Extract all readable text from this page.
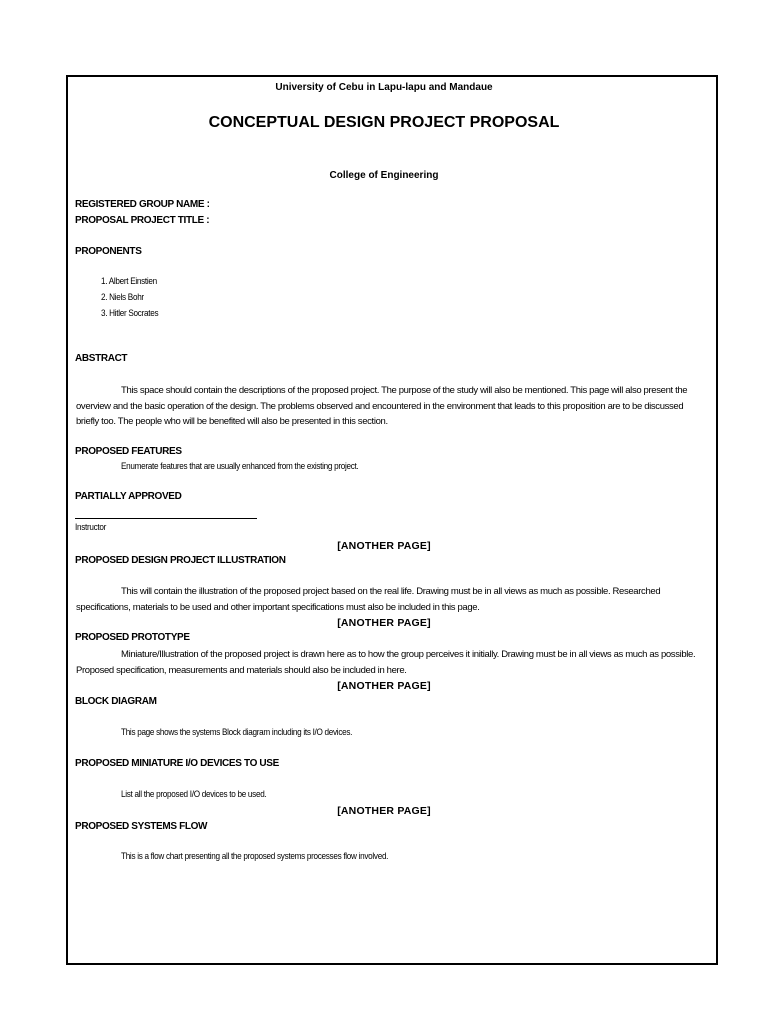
University of Cebu in Lapu-lapu and Mandaue
CONCEPTUAL DESIGN PROJECT PROPOSAL
College of Engineering
REGISTERED GROUP NAME :
PROPOSAL PROJECT TITLE :
PROPONENTS
1. Albert Einstien
2. Niels Bohr
3. Hitler Socrates
ABSTRACT
This space should contain the descriptions of the proposed project. The purpose of the study will also be mentioned. This page will also present the overview and the basic operation of the design. The problems observed and encountered in the environment that leads to this proposition are to be discussed briefly too. The people who will be benefited will also be presented in this section.
PROPOSED FEATURES
Enumerate features that are usually enhanced from the existing project.
PARTIALLY APPROVED
Instructor
[ANOTHER PAGE]
PROPOSED DESIGN PROJECT ILLUSTRATION
This will contain the illustration of the proposed project based on the real life. Drawing must be in all views as much as possible. Researched specifications, materials to be used and other important specifications must also be included in this page.
[ANOTHER PAGE]
PROPOSED PROTOTYPE
Miniature/Illustration of the proposed project is drawn here as to how the group perceives it initially. Drawing must be in all views as much as possible. Proposed specification, measurements and materials should also be included in here.
[ANOTHER PAGE]
BLOCK DIAGRAM
This page shows the systems Block diagram including its I/O devices.
PROPOSED MINIATURE I/O DEVICES TO USE
List all the proposed I/O devices to be used.
[ANOTHER PAGE]
PROPOSED SYSTEMS FLOW
This is a flow chart presenting all the proposed systems processes flow involved.
